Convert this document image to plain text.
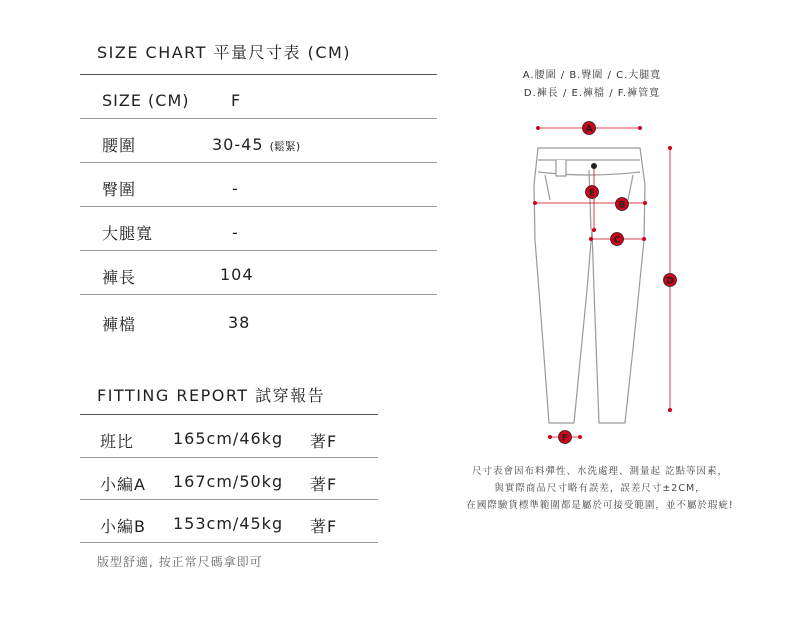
SIZE CHART 平量尺寸表 (CM)
SIZE (CM)	F
腰圍	30-45 (鬆緊)
臀圍	-
大腿寬	-
褲長	104
褲檔	38
FITTING REPORT 試穿報告
班比 165cm/46kg 著F
小編A 167cm/50kg 著F
小編B 153cm/45kg 著F
版型舒適, 按正常尺碼拿即可
A.腰圍 / B.臀圍 / C.大腿寬
D.褲長 / E.褲檔 / F.褲管寬
A
E
B
C
D
F
尺寸表會因布料彈性、水洗處理、測量起 訖點等因素，
與實際商品尺寸略有誤差，誤差尺寸±2CM，
在國際驗貨標準範圍都是屬於可接受範圍，並不屬於瑕疵!
